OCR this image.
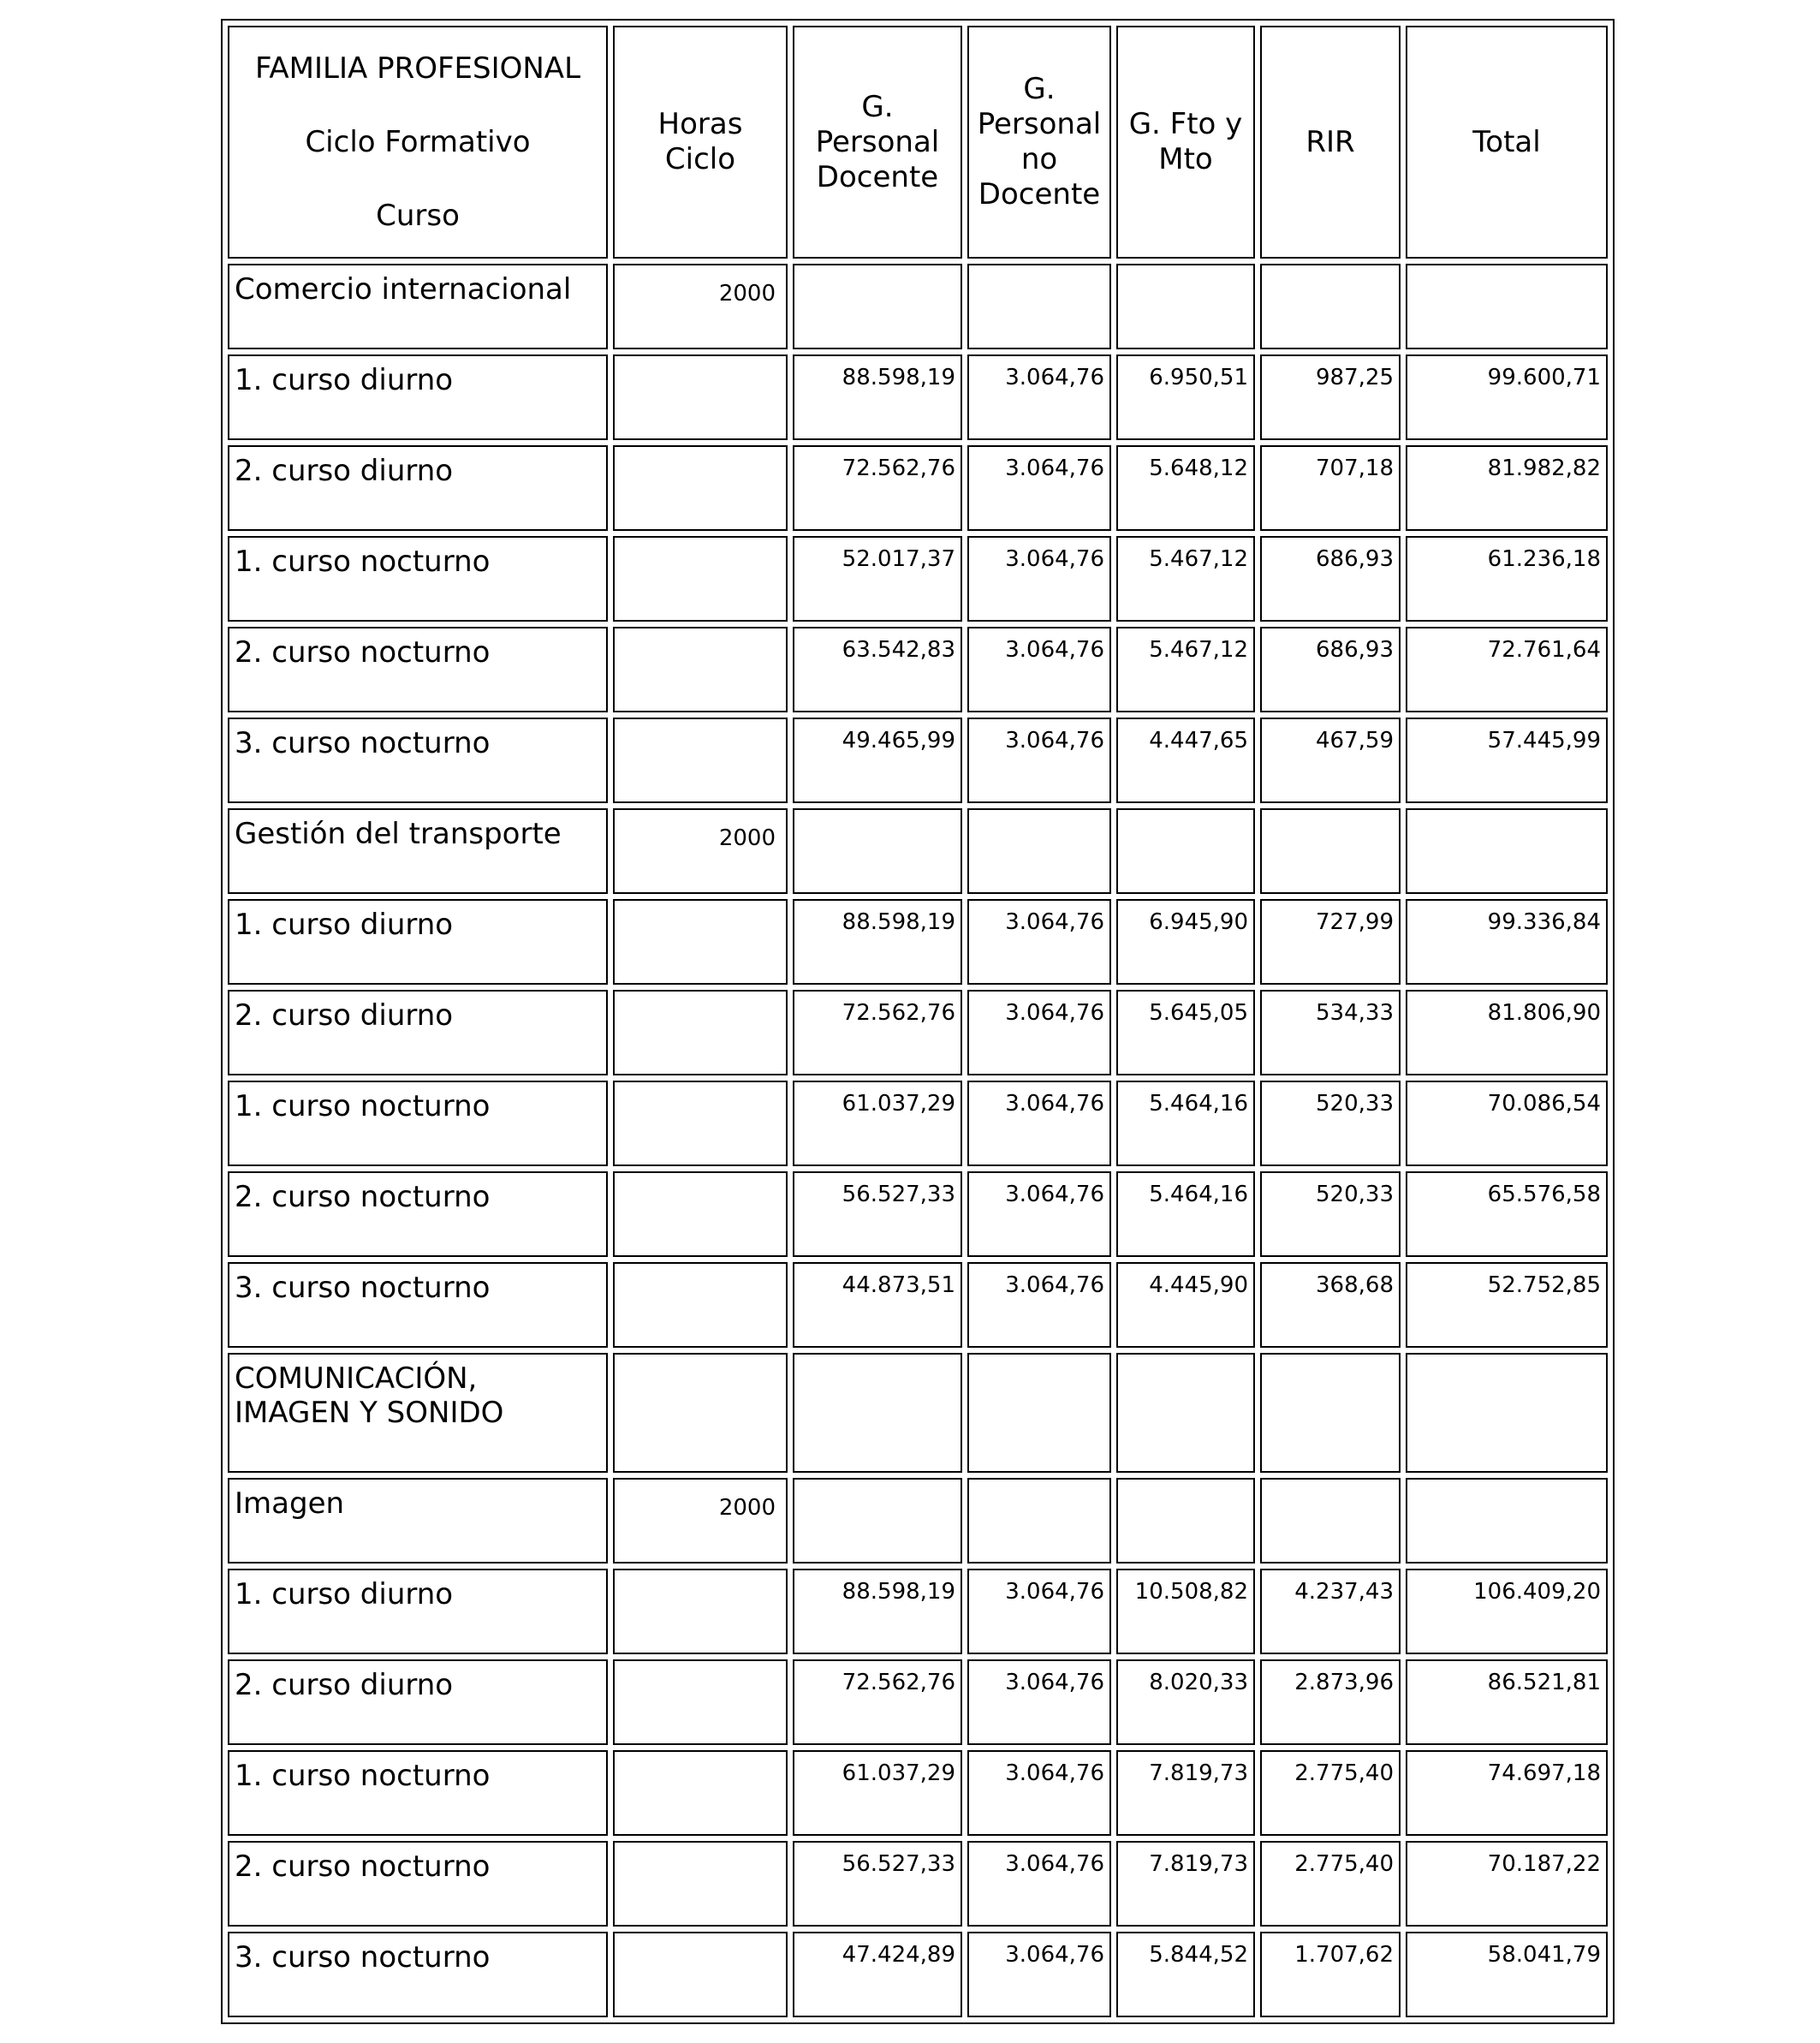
FAMILIA PROFESIONAL
Ciclo Formativo
Curso	Horas Ciclo	G. Personal Docente	G. Personal no Docente	G. Fto y Mto	RIR	Total
Comercio internacional	2000					
1. curso diurno		88.598,19	3.064,76	6.950,51	987,25	99.600,71
2. curso diurno		72.562,76	3.064,76	5.648,12	707,18	81.982,82
1. curso nocturno		52.017,37	3.064,76	5.467,12	686,93	61.236,18
2. curso nocturno		63.542,83	3.064,76	5.467,12	686,93	72.761,64
3. curso nocturno		49.465,99	3.064,76	4.447,65	467,59	57.445,99
Gestión del transporte	2000					
1. curso diurno		88.598,19	3.064,76	6.945,90	727,99	99.336,84
2. curso diurno		72.562,76	3.064,76	5.645,05	534,33	81.806,90
1. curso nocturno		61.037,29	3.064,76	5.464,16	520,33	70.086,54
2. curso nocturno		56.527,33	3.064,76	5.464,16	520,33	65.576,58
3. curso nocturno		44.873,51	3.064,76	4.445,90	368,68	52.752,85
COMUNICACIÓN, IMAGEN Y SONIDO						
Imagen	2000					
1. curso diurno		88.598,19	3.064,76	10.508,82	4.237,43	106.409,20
2. curso diurno		72.562,76	3.064,76	8.020,33	2.873,96	86.521,81
1. curso nocturno		61.037,29	3.064,76	7.819,73	2.775,40	74.697,18
2. curso nocturno		56.527,33	3.064,76	7.819,73	2.775,40	70.187,22
3. curso nocturno		47.424,89	3.064,76	5.844,52	1.707,62	58.041,79
